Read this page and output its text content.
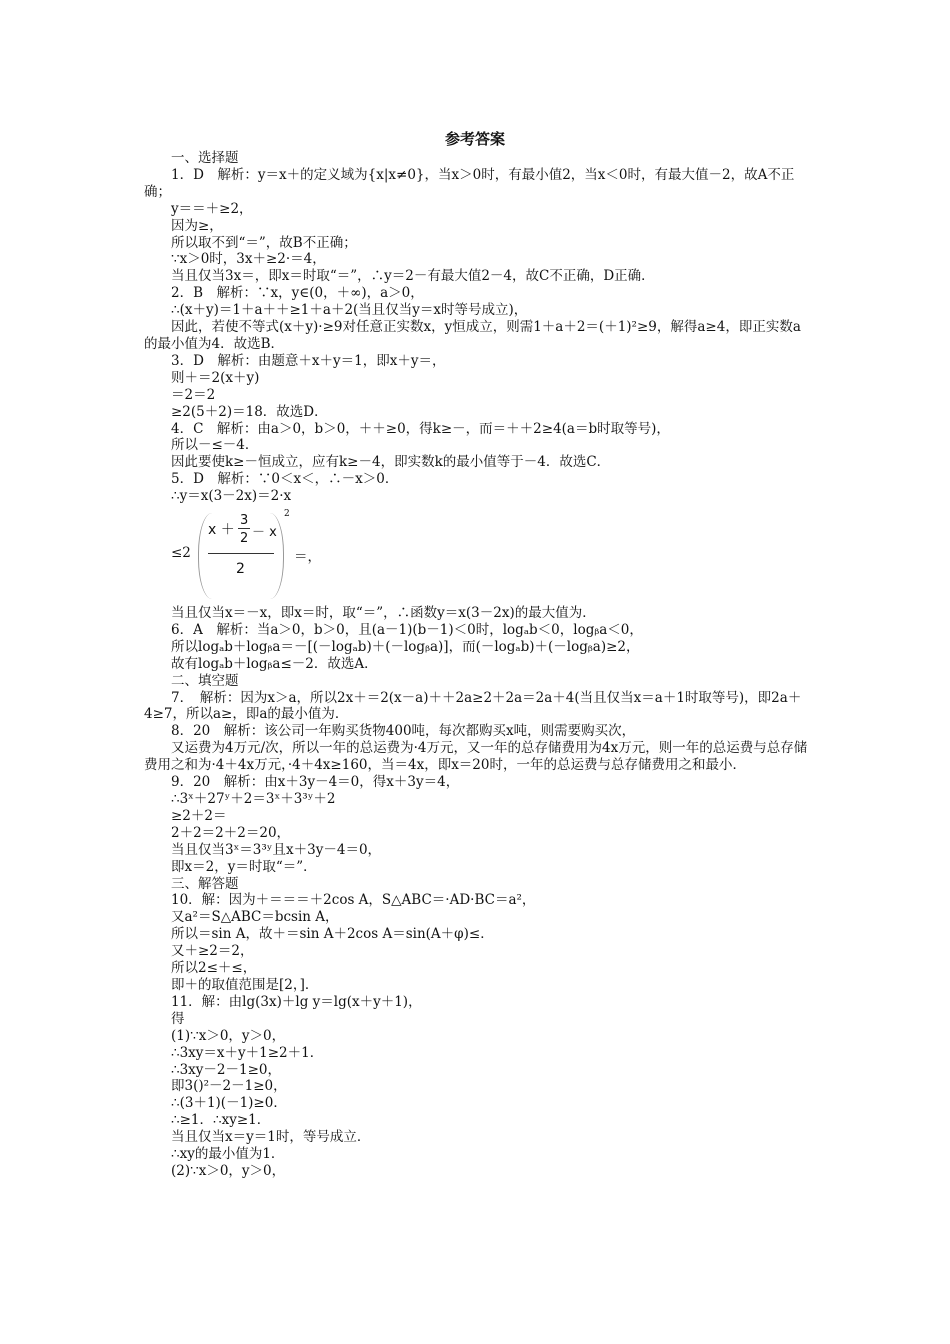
参考答案
一、选择题
1．D　解析：y＝x＋的定义域为{x|x≠0}，当x＞0时，有最小值2，当x＜0时，有最大值－2，故A不正确；
y＝＝＋≥2，
因为≥，
所以取不到“＝”，故B不正确；
∵x＞0时，3x＋≥2·＝4，
当且仅当3x＝，即x＝时取“＝”，∴y＝2－有最大值2－4，故C不正确，D正确．
2．B　解析：∵x，y∈(0，＋∞)，a＞0，
∴(x＋y)＝1＋a＋＋≥1＋a＋2(当且仅当y＝x时等号成立)，
因此，若使不等式(x＋y)·≥9对任意正实数x，y恒成立，则需1＋a＋2＝(＋1)²≥9，解得a≥4，即正实数a的最小值为4．故选B．
3．D　解析：由题意＋x＋y＝1，即x＋y＝，
则＋＝2(x＋y)
＝2＝2
≥2(5＋2)＝18．故选D．
4．C　解析：由a＞0，b＞0，＋＋≥0，得k≥－，而＝＋＋2≥4(a＝b时取等号)，
所以－≤－4．
因此要使k≥－恒成立，应有k≥－4，即实数k的最小值等于－4．故选C．
5．D　解析：∵0＜x＜，∴－x＞0．
∴y＝x(3－2x)＝2·x
≤2
x ＋
3
2 － x
2
2
＝，
当且仅当x＝－x，即x＝时，取“＝”，∴函数y＝x(3－2x)的最大值为．
6．A　解析：当a＞0，b＞0，且(a－1)(b－1)＜0时，logₐb＜0，logᵦa＜0，
所以logₐb＋logᵦa＝－[(－logₐb)＋(－logᵦa)]，而(－logₐb)＋(－logᵦa)≥2，
故有logₐb＋logᵦa≤－2．故选A．
二、填空题
7．　解析：因为x＞a，所以2x＋＝2(x－a)＋＋2a≥2＋2a＝2a＋4(当且仅当x＝a＋1时取等号)，即2a＋4≥7，所以a≥，即a的最小值为．
8．20　解析：该公司一年购买货物400吨，每次都购买x吨，则需要购买次，
又运费为4万元/次，所以一年的总运费为·4万元，又一年的总存储费用为4x万元，则一年的总运费与总存储费用之和为·4＋4x万元，·4＋4x≥160，当＝4x，即x＝20时，一年的总运费与总存储费用之和最小．
9．20　解析：由x＋3y－4＝0，得x＋3y＝4，
∴3ˣ＋27ʸ＋2＝3ˣ＋3³ʸ＋2
≥2＋2＝
2＋2＝2＋2＝20，
当且仅当3ˣ＝3³ʸ且x＋3y－4＝0，
即x＝2，y＝时取“＝”．
三、解答题
10．解：因为＋＝＝＝＋2cos A，S△ABC＝·AD·BC＝a²，
又a²＝S△ABC＝bcsin A，
所以＝sin A，故＋＝sin A＋2cos A＝sin(A＋φ)≤．
又＋≥2＝2，
所以2≤＋≤，
即＋的取值范围是[2，]．
11．解：由lg(3x)＋lg y＝lg(x＋y＋1)，
得
(1)∵x＞0，y＞0，
∴3xy＝x＋y＋1≥2＋1．
∴3xy－2－1≥0，
即3()²－2－1≥0，
∴(3＋1)(－1)≥0．
∴≥1．∴xy≥1．
当且仅当x＝y＝1时，等号成立．
∴xy的最小值为1．
(2)∵x＞0，y＞0，
